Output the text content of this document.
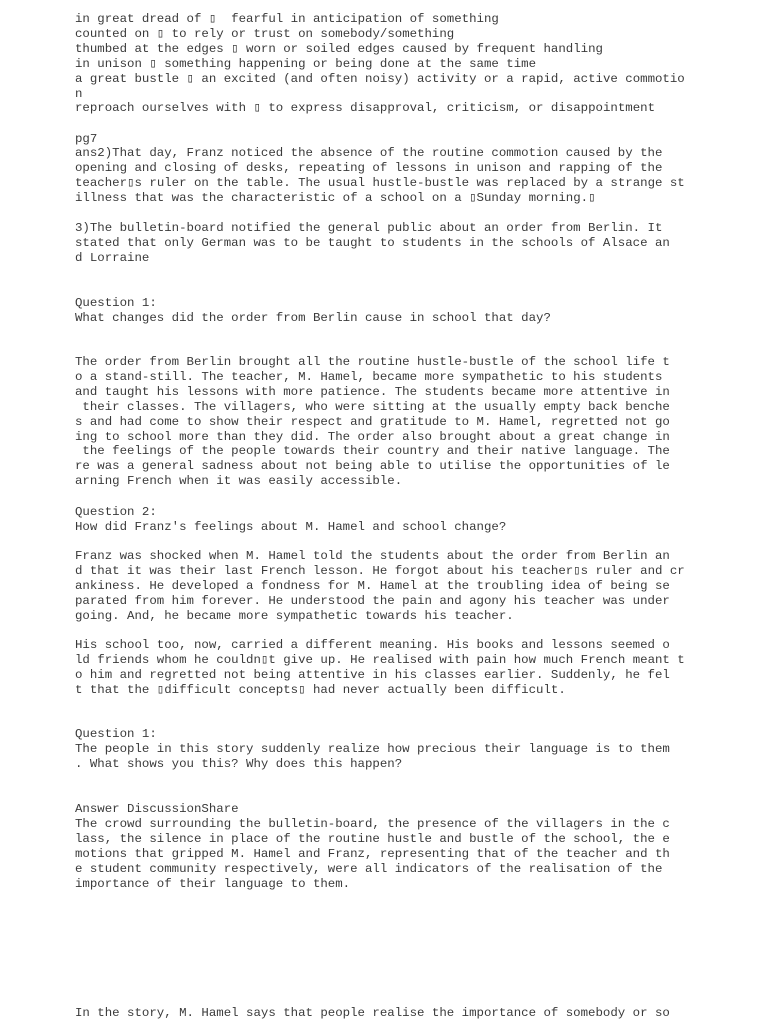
in great dread of ▯  fearful in anticipation of something
counted on ▯ to rely or trust on somebody/something
thumbed at the edges ▯ worn or soiled edges caused by frequent handling
in unison ▯ something happening or being done at the same time
a great bustle ▯ an excited (and often noisy) activity or a rapid, active commotio
n
reproach ourselves with ▯ to express disapproval, criticism, or disappointment
pg7
ans2)That day, Franz noticed the absence of the routine commotion caused by the
opening and closing of desks, repeating of lessons in unison and rapping of the
teacher▯s ruler on the table. The usual hustle-bustle was replaced by a strange st
illness that was the characteristic of a school on a ▯Sunday morning.▯
3)The bulletin-board notified the general public about an order from Berlin. It
stated that only German was to be taught to students in the schools of Alsace an
d Lorraine
Question 1:
What changes did the order from Berlin cause in school that day?
The order from Berlin brought all the routine hustle-bustle of the school life t
o a stand-still. The teacher, M. Hamel, became more sympathetic to his students
and taught his lessons with more patience. The students became more attentive in
their classes. The villagers, who were sitting at the usually empty back benche
s and had come to show their respect and gratitude to M. Hamel, regretted not go
ing to school more than they did. The order also brought about a great change in
the feelings of the people towards their country and their native language. The
re was a general sadness about not being able to utilise the opportunities of le
arning French when it was easily accessible.
Question 2:
How did Franz's feelings about M. Hamel and school change?
Franz was shocked when M. Hamel told the students about the order from Berlin an
d that it was their last French lesson. He forgot about his teacher▯s ruler and cr
ankiness. He developed a fondness for M. Hamel at the troubling idea of being se
parated from him forever. He understood the pain and agony his teacher was under
going. And, he became more sympathetic towards his teacher.
His school too, now, carried a different meaning. His books and lessons seemed o
ld friends whom he couldn▯t give up. He realised with pain how much French meant t
o him and regretted not being attentive in his classes earlier. Suddenly, he fel
t that the ▯difficult concepts▯ had never actually been difficult.
Question 1:
The people in this story suddenly realize how precious their language is to them
. What shows you this? Why does this happen?
Answer DiscussionShare
The crowd surrounding the bulletin-board, the presence of the villagers in the c
lass, the silence in place of the routine hustle and bustle of the school, the e
motions that gripped M. Hamel and Franz, representing that of the teacher and th
e student community respectively, were all indicators of the realisation of the
importance of their language to them.
In the story, M. Hamel says that people realise the importance of somebody or so
